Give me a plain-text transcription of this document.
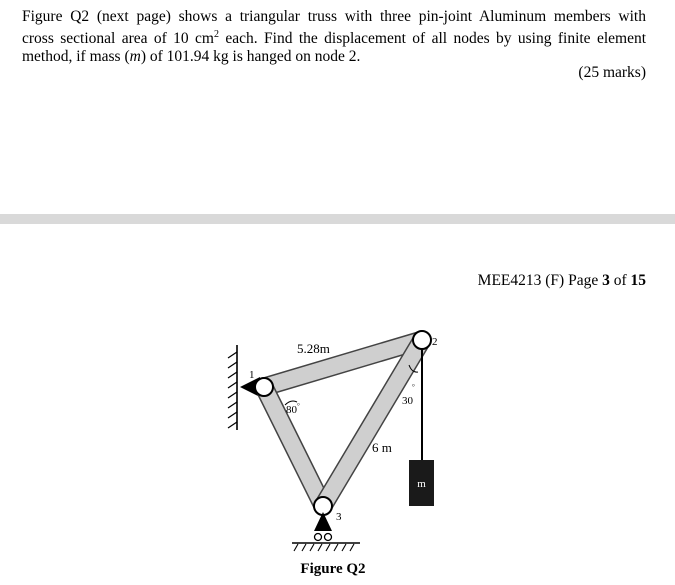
Figure Q2 (next page) shows a triangular truss with three pin-joint Aluminum members with
cross sectional area of 10 $cm^2$ each. Find the displacement of all nodes by using finite element
method, if mass (m) of 101.94 kg is hanged on node 2.
(25 marks)
MEE4213 (F) Page 3 of 15
m
5.28m
6 m
80°	30
°
1
2
3
Figure Q2
